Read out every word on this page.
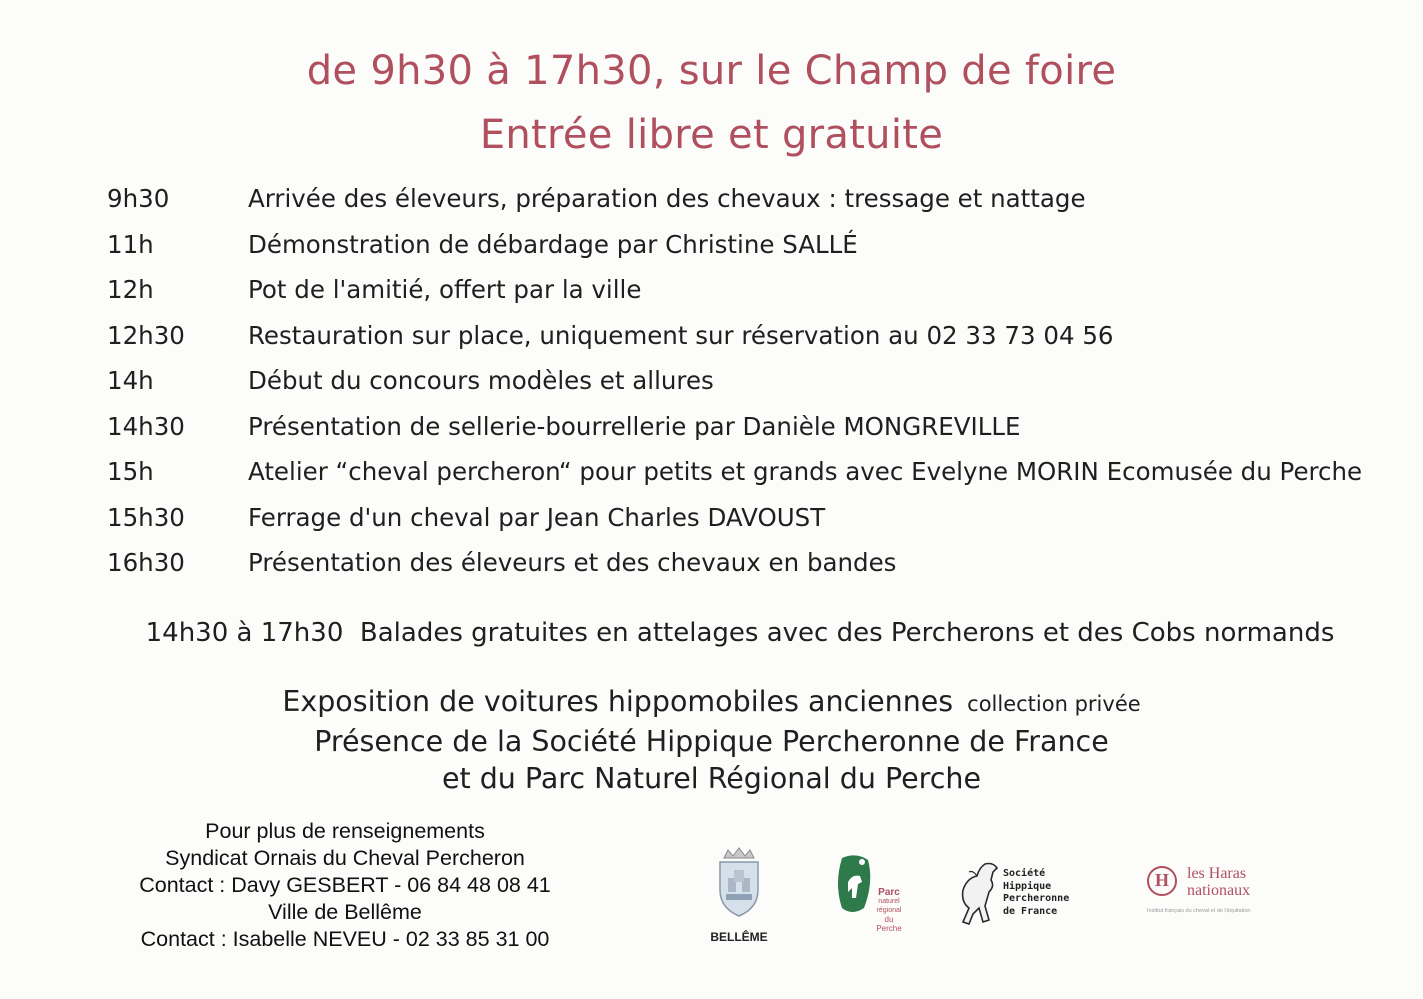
de 9h30 à 17h30, sur le Champ de foire
Entrée libre et gratuite
9h30	Arrivée des éleveurs, préparation des chevaux : tressage et nattage
11h	Démonstration de débardage par Christine SALLÉ
12h	Pot de l'amitié, offert par la ville
12h30	Restauration sur place, uniquement sur réservation au 02 33 73 04 56
14h	Début du concours modèles et allures
14h30	Présentation de sellerie-bourrellerie par Danièle MONGREVILLE
15h	Atelier “cheval percheron“ pour petits et grands avec Evelyne MORIN Ecomusée du Perche
15h30	Ferrage d'un cheval par Jean Charles DAVOUST
16h30	Présentation des éleveurs et des chevaux en bandes
14h30 à 17h30 Balades gratuites en attelages avec des Percherons et des Cobs normands
Exposition de voitures hippomobiles anciennes collection privée
Présence de la Société Hippique Percheronne de France
et du Parc Naturel Régional du Perche
Pour plus de renseignements
Syndicat Ornais du Cheval Percheron
Contact : Davy GESBERT - 06 84 48 08 41
Ville de Bellême
Contact : Isabelle NEVEU - 02 33 85 31 00	BELLÊME
Parc
naturel
régional
du Perche
Société
Hippique
Percheronne
de France
H	les Haras
nationaux
Institut français du cheval et de l'équitation
